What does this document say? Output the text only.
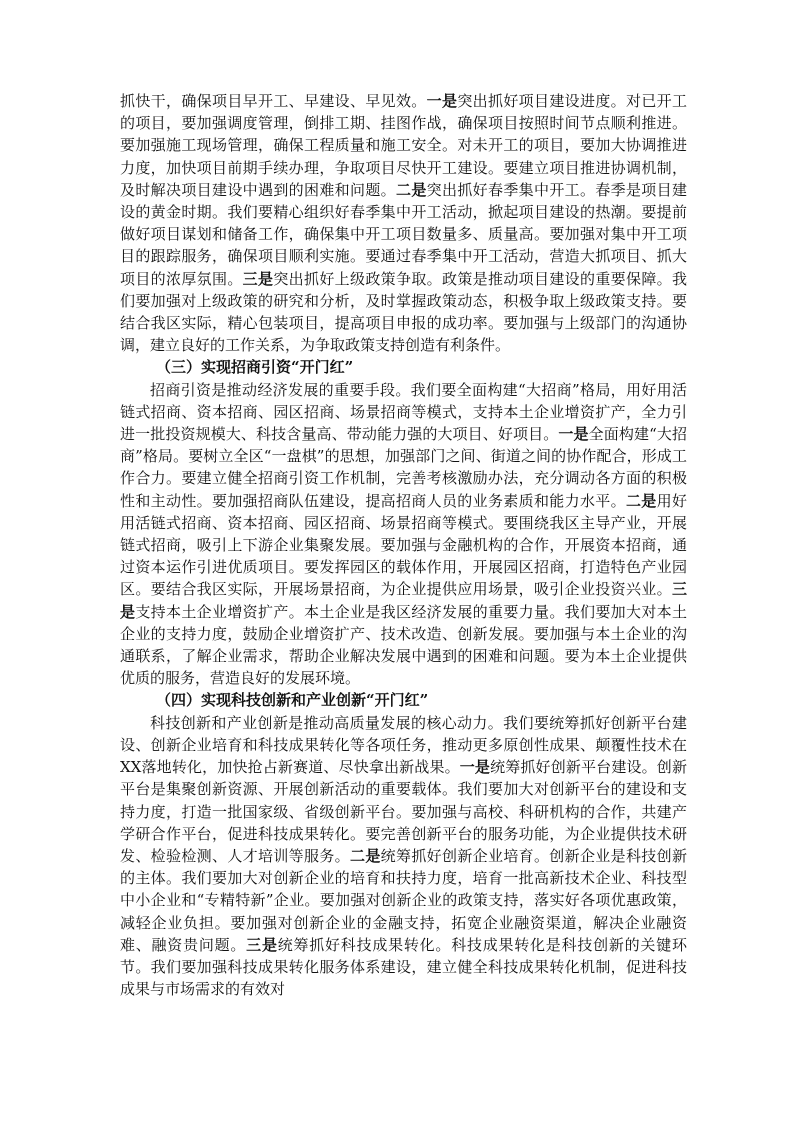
抓快干，确保项目早开工、早建设、早见效。一是突出抓好项目建设进度。对已开工的项目，要加强调度管理，倒排工期、挂图作战，确保项目按照时间节点顺利推进。要加强施工现场管理，确保工程质量和施工安全。对未开工的项目，要加大协调推进力度，加快项目前期手续办理，争取项目尽快开工建设。要建立项目推进协调机制，及时解决项目建设中遇到的困难和问题。二是突出抓好春季集中开工。春季是项目建设的黄金时期。我们要精心组织好春季集中开工活动，掀起项目建设的热潮。要提前做好项目谋划和储备工作，确保集中开工项目数量多、质量高。要加强对集中开工项目的跟踪服务，确保项目顺利实施。要通过春季集中开工活动，营造大抓项目、抓大项目的浓厚氛围。三是突出抓好上级政策争取。政策是推动项目建设的重要保障。我们要加强对上级政策的研究和分析，及时掌握政策动态，积极争取上级政策支持。要结合我区实际，精心包装项目，提高项目申报的成功率。要加强与上级部门的沟通协调，建立良好的工作关系，为争取政策支持创造有利条件。

（三）实现招商引资“开门红”

招商引资是推动经济发展的重要手段。我们要全面构建“大招商”格局，用好用活链式招商、资本招商、园区招商、场景招商等模式，支持本土企业增资扩产，全力引进一批投资规模大、科技含量高、带动能力强的大项目、好项目。一是全面构建“大招商”格局。要树立全区“一盘棋”的思想，加强部门之间、街道之间的协作配合，形成工作合力。要建立健全招商引资工作机制，完善考核激励办法，充分调动各方面的积极性和主动性。要加强招商队伍建设，提高招商人员的业务素质和能力水平。二是用好用活链式招商、资本招商、园区招商、场景招商等模式。要围绕我区主导产业，开展链式招商，吸引上下游企业集聚发展。要加强与金融机构的合作，开展资本招商，通过资本运作引进优质项目。要发挥园区的载体作用，开展园区招商，打造特色产业园区。要结合我区实际，开展场景招商，为企业提供应用场景，吸引企业投资兴业。三是支持本土企业增资扩产。本土企业是我区经济发展的重要力量。我们要加大对本土企业的支持力度，鼓励企业增资扩产、技术改造、创新发展。要加强与本土企业的沟通联系，了解企业需求，帮助企业解决发展中遇到的困难和问题。要为本土企业提供优质的服务，营造良好的发展环境。

（四）实现科技创新和产业创新“开门红”

科技创新和产业创新是推动高质量发展的核心动力。我们要统筹抓好创新平台建设、创新企业培育和科技成果转化等各项任务，推动更多原创性成果、颠覆性技术在XX落地转化，加快抢占新赛道、尽快拿出新战果。一是统筹抓好创新平台建设。创新平台是集聚创新资源、开展创新活动的重要载体。我们要加大对创新平台的建设和支持力度，打造一批国家级、省级创新平台。要加强与高校、科研机构的合作，共建产学研合作平台，促进科技成果转化。要完善创新平台的服务功能，为企业提供技术研发、检验检测、人才培训等服务。二是统筹抓好创新企业培育。创新企业是科技创新的主体。我们要加大对创新企业的培育和扶持力度，培育一批高新技术企业、科技型中小企业和“专精特新”企业。要加强对创新企业的政策支持，落实好各项优惠政策，减轻企业负担。要加强对创新企业的金融支持，拓宽企业融资渠道，解决企业融资难、融资贵问题。三是统筹抓好科技成果转化。科技成果转化是科技创新的关键环节。我们要加强科技成果转化服务体系建设，建立健全科技成果转化机制，促进科技成果与市场需求的有效对
